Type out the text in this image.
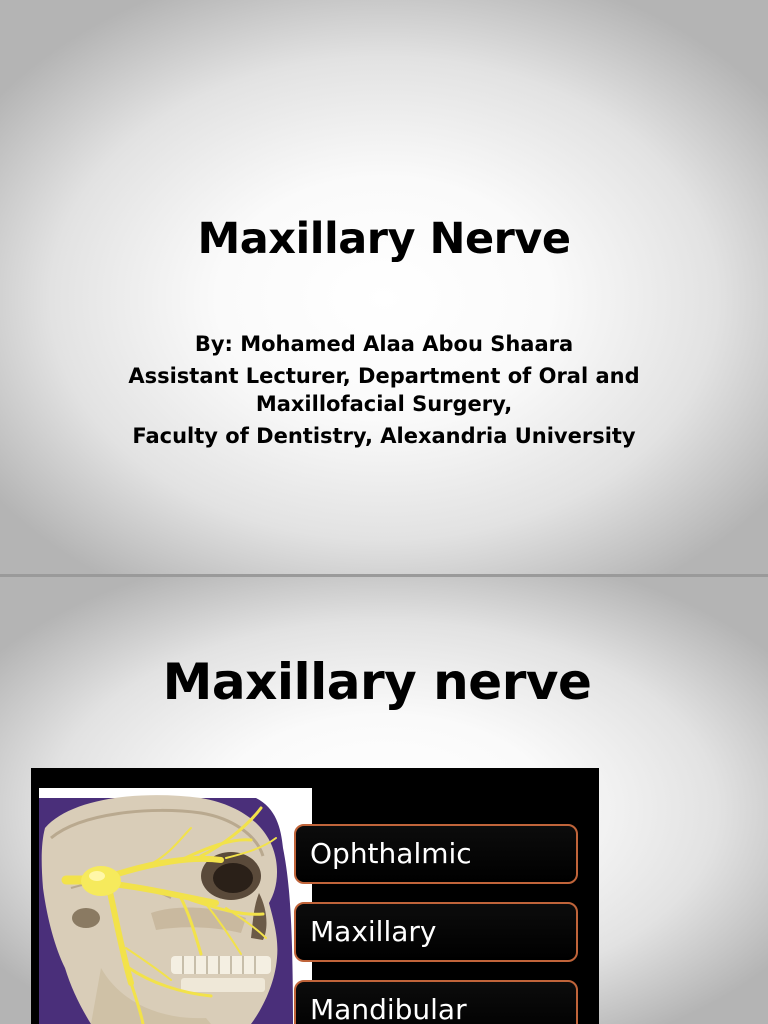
Maxillary Nerve
By: Mohamed Alaa Abou Shaara
Assistant Lecturer, Department of Oral and
Maxillofacial Surgery,
Faculty of Dentistry, Alexandria University
Maxillary nerve
Ophthalmic
Maxillary
Mandibular
